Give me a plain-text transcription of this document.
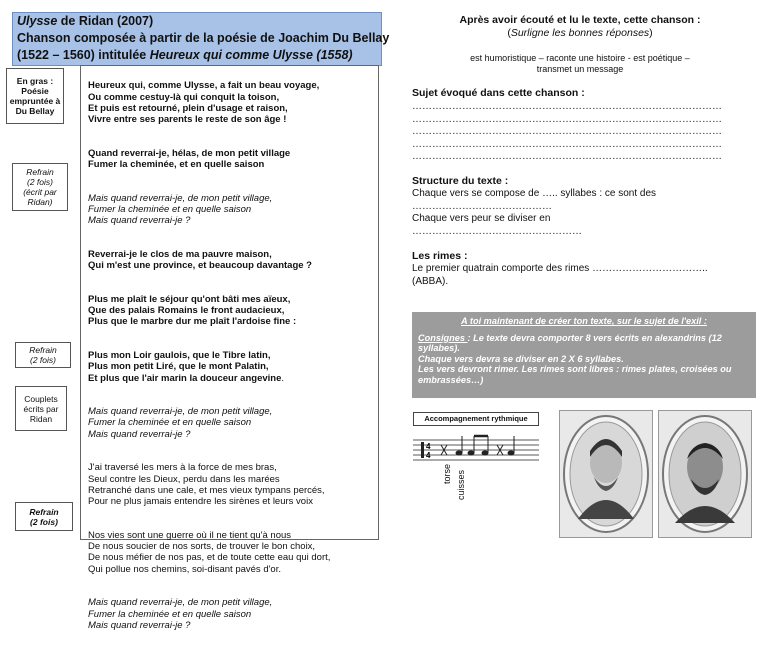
Ulysse de Ridan (2007)
Chanson composée à partir de la poésie de Joachim Du Bellay
(1522 – 1560) intitulée Heureux qui comme Ulysse (1558)
En gras :
Poésie
empruntée à
Du Bellay
Refrain
(2 fois)
(écrit par
Ridan)
Refrain
(2 fois)
Couplets
écrits par
Ridan
Refrain
(2 fois)

Heureux qui, comme Ulysse, a fait un beau voyage,
Ou comme cestuy-là qui conquit la toison,
Et puis est retourné, plein d'usage et raison,
Vivre entre ses parents le reste de son âge !

Quand reverrai-je, hélas, de mon petit village
Fumer la cheminée, et en quelle saison

Mais quand reverrai-je, de mon petit village,
Fumer la cheminée et en quelle saison
Mais quand reverrai-je ?

Reverrai-je le clos de ma pauvre maison,
Qui m'est une province, et beaucoup davantage ?

Plus me plaît le séjour qu'ont bâti mes aïeux,
Que des palais Romains le front audacieux,
Plus que le marbre dur me plaît l'ardoise fine :

Plus mon Loir gaulois, que le Tibre latin,
Plus mon petit Liré, que le mont Palatin,
Et plus que l'air marin la douceur angevine.

Mais quand reverrai-je, de mon petit village,
Fumer la cheminée et en quelle saison
Mais quand reverrai-je ?

J'ai traversé les mers à la force de mes bras,
Seul contre les Dieux, perdu dans les marées
Retranché dans une cale, et mes vieux tympans percés,
Pour ne plus jamais entendre les sirènes et leurs voix

Nos vies sont une guerre où il ne tient qu'à nous
De nous soucier de nos sorts, de trouver le bon choix,
De nous méfier de nos pas, et de toute cette eau qui dort,
Qui pollue nos chemins, soi-disant pavés d'or.

Mais quand reverrai-je, de mon petit village,
Fumer la cheminée et en quelle saison
Mais quand reverrai-je ?

Après avoir écouté et lu le texte, cette chanson :
(Surligne les bonnes réponses)
est humoristique – raconte une histoire - est poétique –
transmet un message
Sujet évoqué dans cette chanson :
…………………………………………………………………………………
…………………………………………………………………………………
…………………………………………………………………………………
…………………………………………………………………………………
…………………………………………………………………………………
Structure du texte :
Chaque vers se compose de ….. syllabes : ce sont des
……………………………………
Chaque vers peur se diviser en
……………………………………………
Les rimes :
Le premier quatrain comporte des rimes ……………………………..
(ABBA).
A toi maintenant de créer ton texte, sur le sujet de l'exil :
Consignes : Le texte devra comporter 8 vers écrits en alexandrins (12 syllabes).
Chaque vers devra se diviser en 2 X 6 syllabes.
Les vers devront rimer. Les rimes sont libres : rimes plates, croisées ou embrassées…)
Accompagnement rythmique
4
4
torse cuisses
